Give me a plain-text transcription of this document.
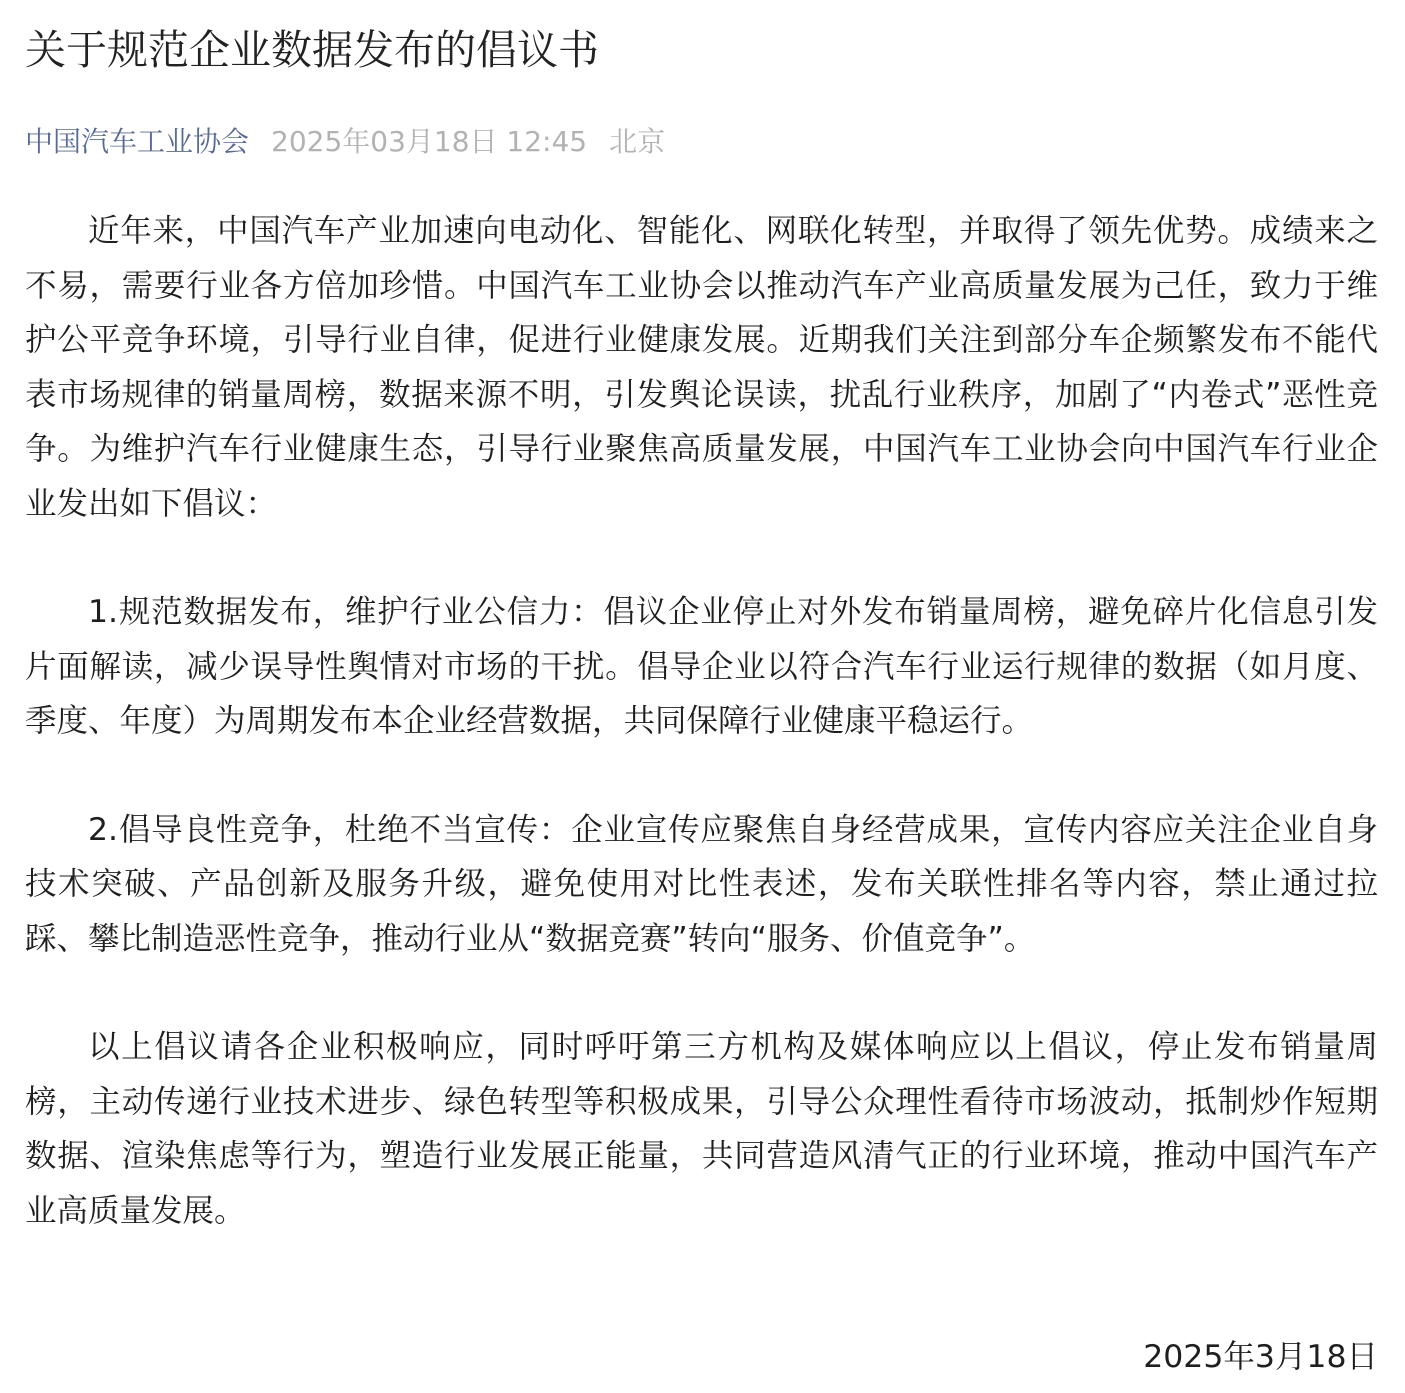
关于规范企业数据发布的倡议书
中国汽车工业协会 2025年03月18日 12:45 北京

近年来，中国汽车产业加速向电动化、智能化、网联化转型，并取得了领先优势。成绩来之不易，需要行业各方倍加珍惜。中国汽车工业协会以推动汽车产业高质量发展为己任，致力于维护公平竞争环境，引导行业自律，促进行业健康发展。近期我们关注到部分车企频繁发布不能代表市场规律的销量周榜，数据来源不明，引发舆论误读，扰乱行业秩序，加剧了“内卷式”恶性竞争。为维护汽车行业健康生态，引导行业聚焦高质量发展，中国汽车工业协会向中国汽车行业企业发出如下倡议：

1.规范数据发布，维护行业公信力：倡议企业停止对外发布销量周榜，避免碎片化信息引发片面解读，减少误导性舆情对市场的干扰。倡导企业以符合汽车行业运行规律的数据（如月度、季度、年度）为周期发布本企业经营数据，共同保障行业健康平稳运行。

2.倡导良性竞争，杜绝不当宣传：企业宣传应聚焦自身经营成果，宣传内容应关注企业自身技术突破、产品创新及服务升级，避免使用对比性表述，发布关联性排名等内容，禁止通过拉踩、攀比制造恶性竞争，推动行业从“数据竞赛”转向“服务、价值竞争”。

以上倡议请各企业积极响应，同时呼吁第三方机构及媒体响应以上倡议，停止发布销量周榜，主动传递行业技术进步、绿色转型等积极成果，引导公众理性看待市场波动，抵制炒作短期数据、渲染焦虑等行为，塑造行业发展正能量，共同营造风清气正的行业环境，推动中国汽车产业高质量发展。

2025年3月18日
